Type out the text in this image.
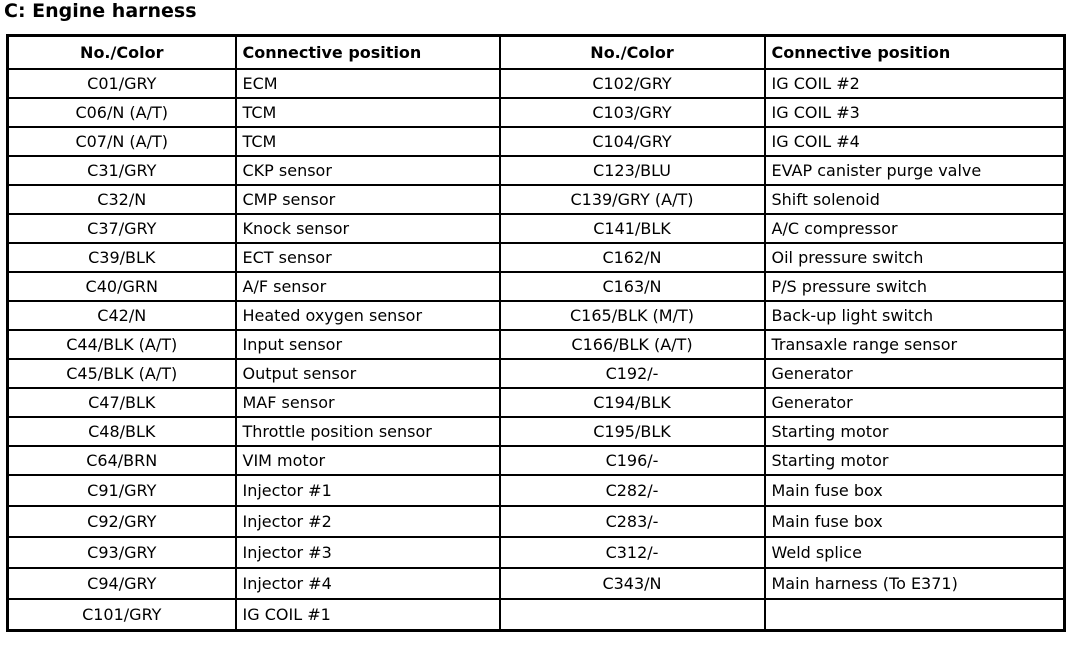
C: Engine harness
No./Color	Connective position	No./Color	Connective position
C01/GRY	ECM	C102/GRY	IG COIL #2
C06/N (A/T)	TCM	C103/GRY	IG COIL #3
C07/N (A/T)	TCM	C104/GRY	IG COIL #4
C31/GRY	CKP sensor	C123/BLU	EVAP canister purge valve
C32/N	CMP sensor	C139/GRY (A/T)	Shift solenoid
C37/GRY	Knock sensor	C141/BLK	A/C compressor
C39/BLK	ECT sensor	C162/N	Oil pressure switch
C40/GRN	A/F sensor	C163/N	P/S pressure switch
C42/N	Heated oxygen sensor	C165/BLK (M/T)	Back-up light switch
C44/BLK (A/T)	Input sensor	C166/BLK (A/T)	Transaxle range sensor
C45/BLK (A/T)	Output sensor	C192/-	Generator
C47/BLK	MAF sensor	C194/BLK	Generator
C48/BLK	Throttle position sensor	C195/BLK	Starting motor
C64/BRN	VIM motor	C196/-	Starting motor
C91/GRY	Injector #1	C282/-	Main fuse box
C92/GRY	Injector #2	C283/-	Main fuse box
C93/GRY	Injector #3	C312/-	Weld splice
C94/GRY	Injector #4	C343/N	Main harness (To E371)
C101/GRY	IG COIL #1		
